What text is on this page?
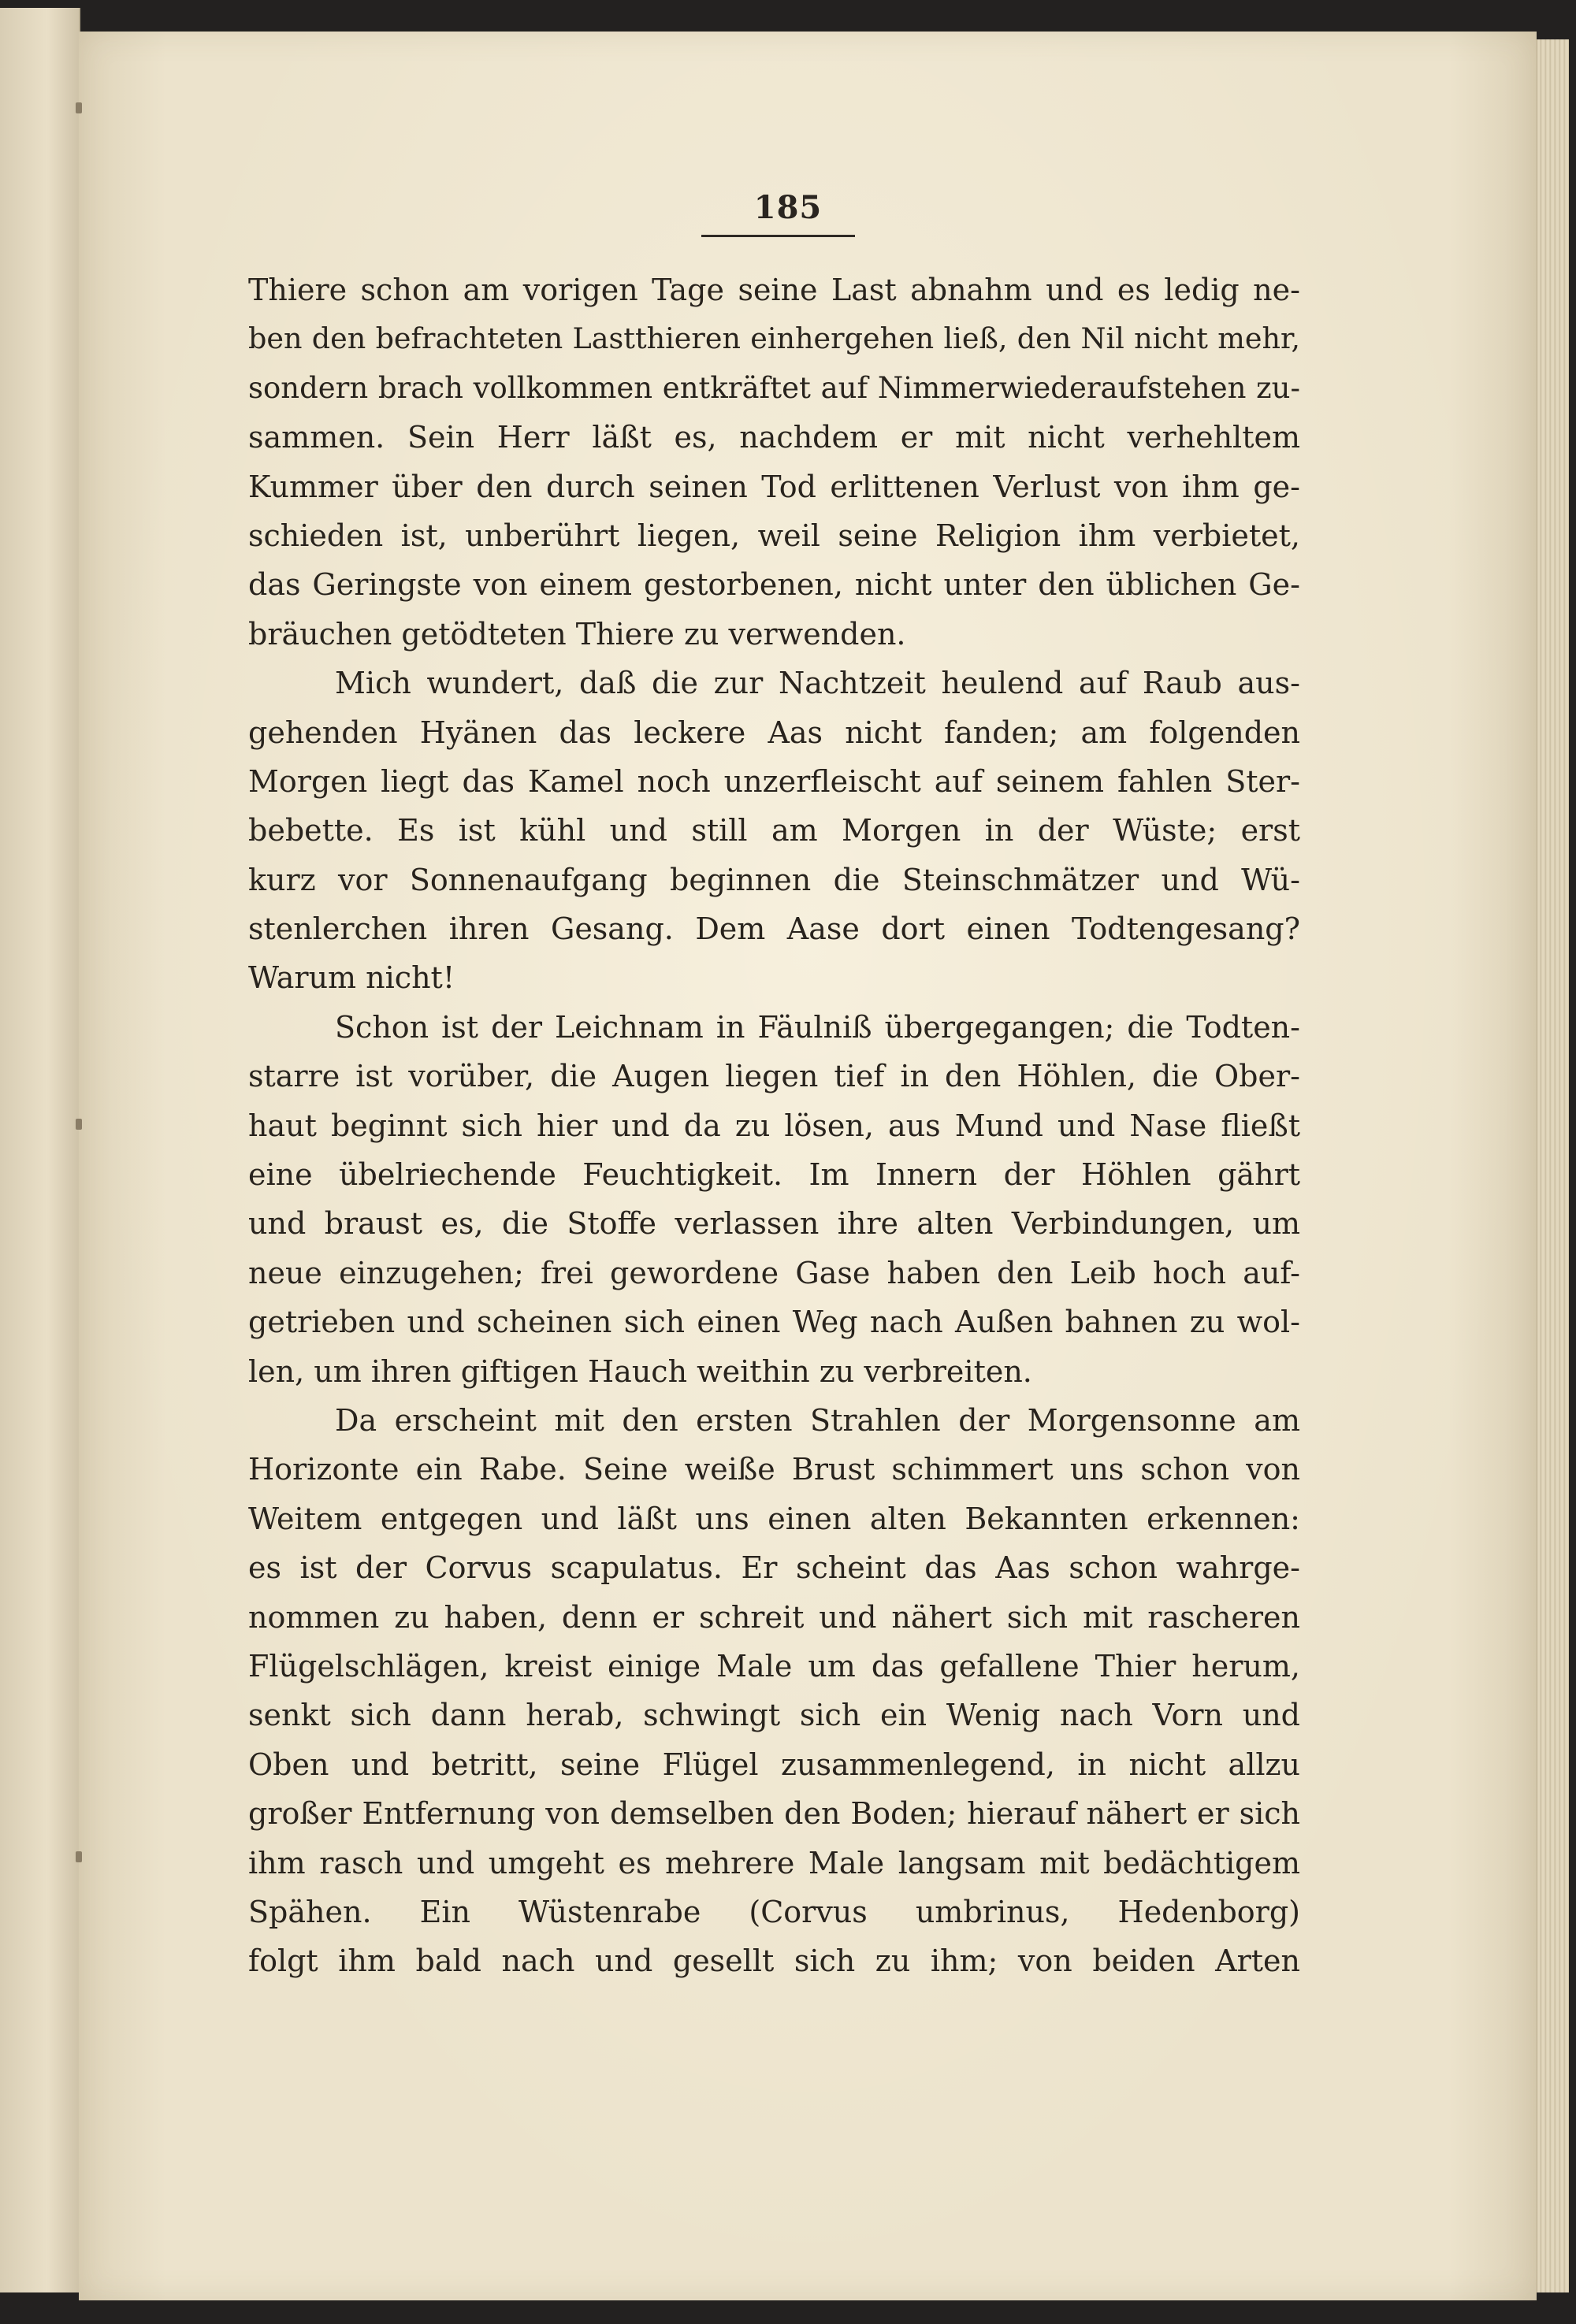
185
Thiere schon am vorigen Tage seine Last abnahm und es ledig ne-
ben den befrachteten Lastthieren einhergehen ließ, den Nil nicht mehr,
sondern brach vollkommen entkräftet auf Nimmerwiederaufstehen zu-
sammen. Sein Herr läßt es, nachdem er mit nicht verhehltem
Kummer über den durch seinen Tod erlittenen Verlust von ihm ge-
schieden ist, unberührt liegen, weil seine Religion ihm verbietet,
das Geringste von einem gestorbenen, nicht unter den üblichen Ge-
bräuchen getödteten Thiere zu verwenden.
Mich wundert, daß die zur Nachtzeit heulend auf Raub aus-
gehenden Hyänen das leckere Aas nicht fanden; am folgenden
Morgen liegt das Kamel noch unzerfleischt auf seinem fahlen Ster-
bebette. Es ist kühl und still am Morgen in der Wüste; erst
kurz vor Sonnenaufgang beginnen die Steinschmätzer und Wü-
stenlerchen ihren Gesang. Dem Aase dort einen Todtengesang?
Warum nicht!
Schon ist der Leichnam in Fäulniß übergegangen; die Todten-
starre ist vorüber, die Augen liegen tief in den Höhlen, die Ober-
haut beginnt sich hier und da zu lösen, aus Mund und Nase fließt
eine übelriechende Feuchtigkeit. Im Innern der Höhlen gährt
und braust es, die Stoffe verlassen ihre alten Verbindungen, um
neue einzugehen; frei gewordene Gase haben den Leib hoch auf-
getrieben und scheinen sich einen Weg nach Außen bahnen zu wol-
len, um ihren giftigen Hauch weithin zu verbreiten.
Da erscheint mit den ersten Strahlen der Morgensonne am
Horizonte ein Rabe. Seine weiße Brust schimmert uns schon von
Weitem entgegen und läßt uns einen alten Bekannten erkennen:
es ist der Corvus scapulatus. Er scheint das Aas schon wahrge-
nommen zu haben, denn er schreit und nähert sich mit rascheren
Flügelschlägen, kreist einige Male um das gefallene Thier herum,
senkt sich dann herab, schwingt sich ein Wenig nach Vorn und
Oben und betritt, seine Flügel zusammenlegend, in nicht allzu
großer Entfernung von demselben den Boden; hierauf nähert er sich
ihm rasch und umgeht es mehrere Male langsam mit bedächtigem
Spähen. Ein Wüstenrabe (Corvus umbrinus, Hedenborg)
folgt ihm bald nach und gesellt sich zu ihm; von beiden Arten
